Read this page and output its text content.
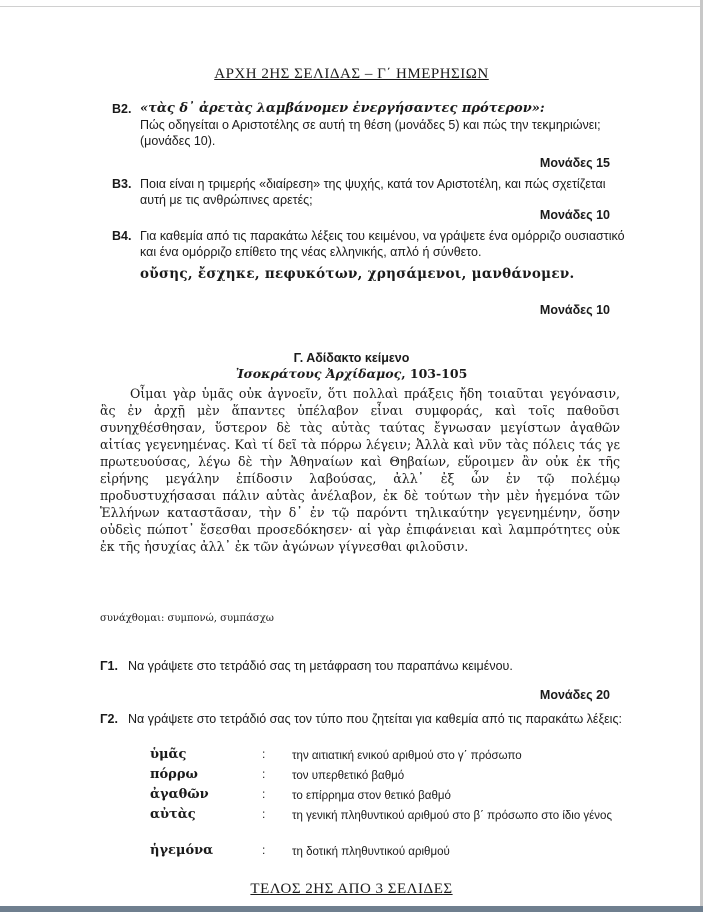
ΑΡΧΗ 2ΗΣ ΣΕΛΙΔΑΣ – Γ΄ ΗΜΕΡΗΣΙΩΝ
Β2. «τὰς δ᾽ ἀρετὰς λαμβάνομεν ἐνεργήσαντες πρότερον»:
Πώς οδηγείται ο Αριστοτέλης σε αυτή τη θέση (μονάδες 5) και πώς την τεκμηριώνει; (μονάδες 10).
Μονάδες 15
Β3. Ποια είναι η τριμερής «διαίρεση» της ψυχής, κατά τον Αριστοτέλη, και πώς σχετίζεται αυτή με τις ανθρώπινες αρετές;
Μονάδες 10
Β4. Για καθεμία από τις παρακάτω λέξεις του κειμένου, να γράψετε ένα ομόρριζο ουσιαστικό και ένα ομόρριζο επίθετο της νέας ελληνικής, απλό ή σύνθετο.
οὔσης, ἔσχηκε, πεφυκότων, χρησάμενοι, μανθάνομεν.
Μονάδες 10
Γ. Αδίδακτο κείμενο
Ἰσοκράτους Ἀρχίδαμος, 103-105

Οἶμαι γὰρ ὑμᾶς οὐκ ἀγνοεῖν, ὅτι πολλαὶ πράξεις ἤδη τοιαῦται γεγόνασιν, ἃς ἐν ἀρχῇ μὲν ἅπαντες ὑπέλαβον εἶναι συμφοράς, καὶ τοῖς παθοῦσι συνηχθέσθησαν, ὕστερον δὲ τὰς αὐτὰς ταύτας ἔγνωσαν μεγίστων ἀγαθῶν αἰτίας γεγενημένας. Καὶ τί δεῖ τὰ πόρρω λέγειν; Ἀλλὰ καὶ νῦν τὰς πόλεις τάς γε πρωτευούσας, λέγω δὲ τὴν Ἀθηναίων καὶ Θηβαίων, εὕροιμεν ἂν οὐκ ἐκ τῆς εἰρήνης μεγάλην ἐπίδοσιν λαβούσας, ἀλλ᾽ ἐξ ὧν ἐν τῷ πολέμῳ προδυστυχήσασαι πάλιν αὑτὰς ἀνέλαβον, ἐκ δὲ τούτων τὴν μὲν ἡγεμόνα τῶν Ἑλλήνων καταστᾶσαν, τὴν δ᾽ ἐν τῷ παρόντι τηλικαύτην γεγενημένην, ὅσην οὐδεὶς πώποτ᾽ ἔσεσθαι προσεδόκησεν· αἱ γὰρ ἐπιφάνειαι καὶ λαμπρότητες οὐκ ἐκ τῆς ἡσυχίας ἀλλ᾽ ἐκ τῶν ἀγώνων γίγνεσθαι φιλοῦσιν.

συνάχθομαι: συμπονώ, συμπάσχω
Γ1. Να γράψετε στο τετράδιό σας τη μετάφραση του παραπάνω κειμένου.
Μονάδες 20
Γ2. Να γράψετε στο τετράδιό σας τον τύπο που ζητείται για καθεμία από τις παρακάτω λέξεις:
ὑμᾶς	: την αιτιατική ενικού αριθμού στο γ΄ πρόσωπο
πόρρω	: τον υπερθετικό βαθμό
ἀγαθῶν	: το επίρρημα στον θετικό βαθμό
αὐτὰς	: τη γενική πληθυντικού αριθμού στο β΄ πρόσωπο στο ίδιο γένος
ἡγεμόνα	: τη δοτική πληθυντικού αριθμού
ΤΕΛΟΣ 2ΗΣ ΑΠΟ 3 ΣΕΛΙΔΕΣ
